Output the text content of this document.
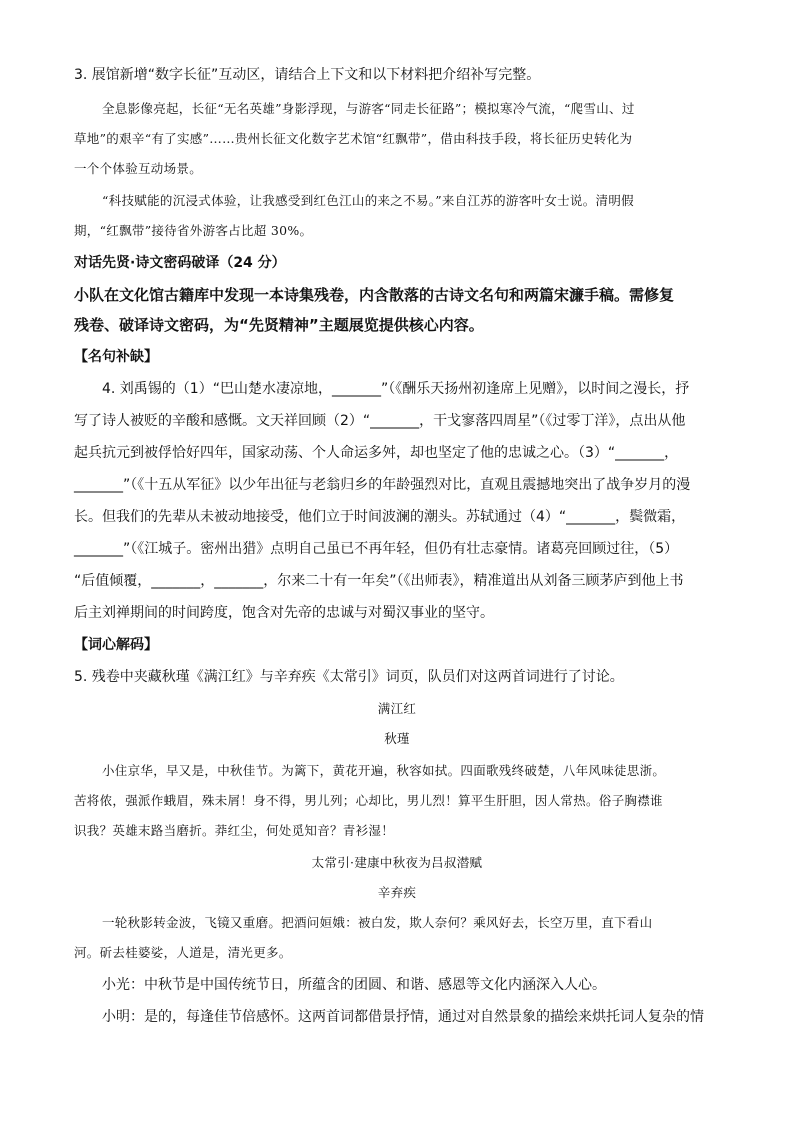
3. 展馆新增“数字长征”互动区，请结合上下文和以下材料把介绍补写完整。
全息影像亮起，长征“无名英雄”身影浮现，与游客“同走长征路”；模拟寒冷气流，“爬雪山、过
草地”的艰辛“有了实感”……贵州长征文化数字艺术馆“红飘带”，借由科技手段，将长征历史转化为
一个个体验互动场景。
“科技赋能的沉浸式体验，让我感受到红色江山的来之不易。”来自江苏的游客叶女士说。清明假
期，“红飘带”接待省外游客占比超 30%。
对话先贤·诗文密码破译（24 分）
小队在文化馆古籍库中发现一本诗集残卷，内含散落的古诗文名句和两篇宋濂手稿。需修复
残卷、破译诗文密码，为“先贤精神”主题展览提供核心内容。
【名句补缺】
4. 刘禹锡的（1）“巴山楚水凄凉地，_______”（《酬乐天扬州初逢席上见赠》，以时间之漫长，抒
写了诗人被贬的辛酸和感慨。文天祥回顾（2）“_______，干戈寥落四周星”（《过零丁洋》，点出从他
起兵抗元到被俘恰好四年，国家动荡、个人命运多舛，却也坚定了他的忠诚之心。（3）“_______，
_______”（《十五从军征》以少年出征与老翁归乡的年龄强烈对比，直观且震撼地突出了战争岁月的漫
长。但我们的先辈从未被动地接受，他们立于时间波澜的潮头。苏轼通过（4）“_______，鬓微霜，
_______”（《江城子。密州出猎》点明自己虽已不再年轻，但仍有壮志豪情。诸葛亮回顾过往，（5）
“后值倾覆，_______，_______，尔来二十有一年矣”（《出师表》，精准道出从刘备三顾茅庐到他上书
后主刘禅期间的时间跨度，饱含对先帝的忠诚与对蜀汉事业的坚守。
【词心解码】
5. 残卷中夹藏秋瑾《满江红》与辛弃疾《太常引》词页，队员们对这两首词进行了讨论。
满江红
秋瑾
小住京华，早又是，中秋佳节。为篱下，黄花开遍，秋容如拭。四面歌残终破楚，八年风味徒思浙。
苦将侬，强派作蛾眉，殊未屑！身不得，男儿列；心却比，男儿烈！算平生肝胆，因人常热。俗子胸襟谁
识我？英雄末路当磨折。莽红尘，何处觅知音？青衫湿！
太常引·建康中秋夜为吕叔潜赋
辛弃疾
一轮秋影转金波，飞镜又重磨。把酒问姮娥：被白发，欺人奈何？乘风好去，长空万里，直下看山
河。斫去桂婆娑，人道是，清光更多。
小光：中秋节是中国传统节日，所蕴含的团圆、和谐、感恩等文化内涵深入人心。
小明：是的，每逢佳节倍感怀。这两首词都借景抒情，通过对自然景象的描绘来烘托词人复杂的情
